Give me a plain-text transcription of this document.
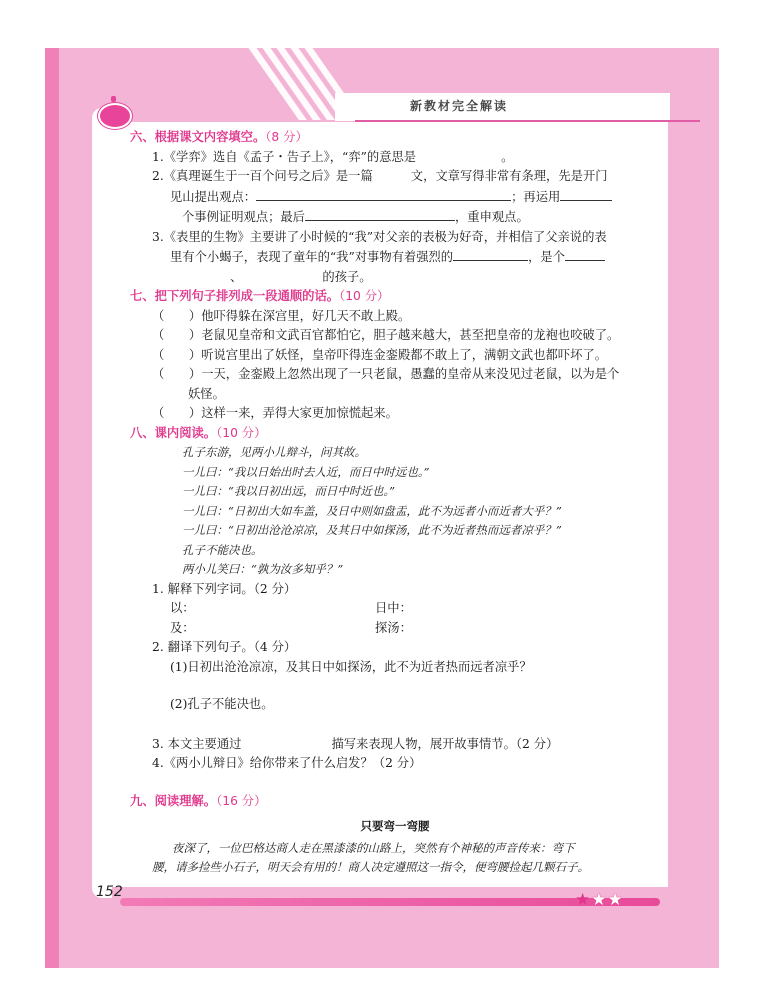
新教材完全解读

六、根据课文内容填空。（8 分）

1.《学弈》选自《孟子・告子上》，“弈”的意思是	。

2.《真理诞生于一百个问号之后》是一篇	文，文章写得非常有条理，先是开门

见山提出观点：	；再运用

个事例证明观点；最后	，重申观点。

3.《表里的生物》主要讲了小时候的“我”对父亲的表极为好奇，并相信了父亲说的表

里有个小蝎子，表现了童年的“我”对事物有着强烈的	，是个

、	的孩子。

七、把下列句子排列成一段通顺的话。（10 分）

（　　）他吓得躲在深宫里，好几天不敢上殿。

（　　）老鼠见皇帝和文武百官都怕它，胆子越来越大，甚至把皇帝的龙袍也咬破了。

（　　）听说宫里出了妖怪，皇帝吓得连金銮殿都不敢上了，满朝文武也都吓坏了。

（　　）一天，金銮殿上忽然出现了一只老鼠，愚蠢的皇帝从来没见过老鼠，以为是个

妖怪。

（　　）这样一来，弄得大家更加惊慌起来。

八、课内阅读。（10 分）

孔子东游，见两小儿辩斗，问其故。

一儿曰：“我以日始出时去人近，而日中时远也。”

一儿曰：“我以日初出远，而日中时近也。”

一儿曰：“日初出大如车盖，及日中则如盘盂，此不为远者小而近者大乎？”

一儿曰：“日初出沧沧凉凉，及其日中如探汤，此不为近者热而远者凉乎？”

孔子不能决也。

两小儿笑曰：“孰为汝多知乎？”

1. 解释下列字词。（2 分）

以：	日中：

及：	探汤：

2. 翻译下列句子。（4 分）

(1)日初出沧沧凉凉，及其日中如探汤，此不为近者热而远者凉乎？

(2)孔子不能决也。

3. 本文主要通过	描写来表现人物，展开故事情节。（2 分）

4.《两小儿辩日》给你带来了什么启发？（2 分）

九、阅读理解。（16 分）

只要弯一弯腰

夜深了，一位巴格达商人走在黑漆漆的山路上，突然有个神秘的声音传来：弯下

腰，请多捡些小石子，明天会有用的！商人决定遵照这一指令，便弯腰捡起几颗石子。

152	★★★
